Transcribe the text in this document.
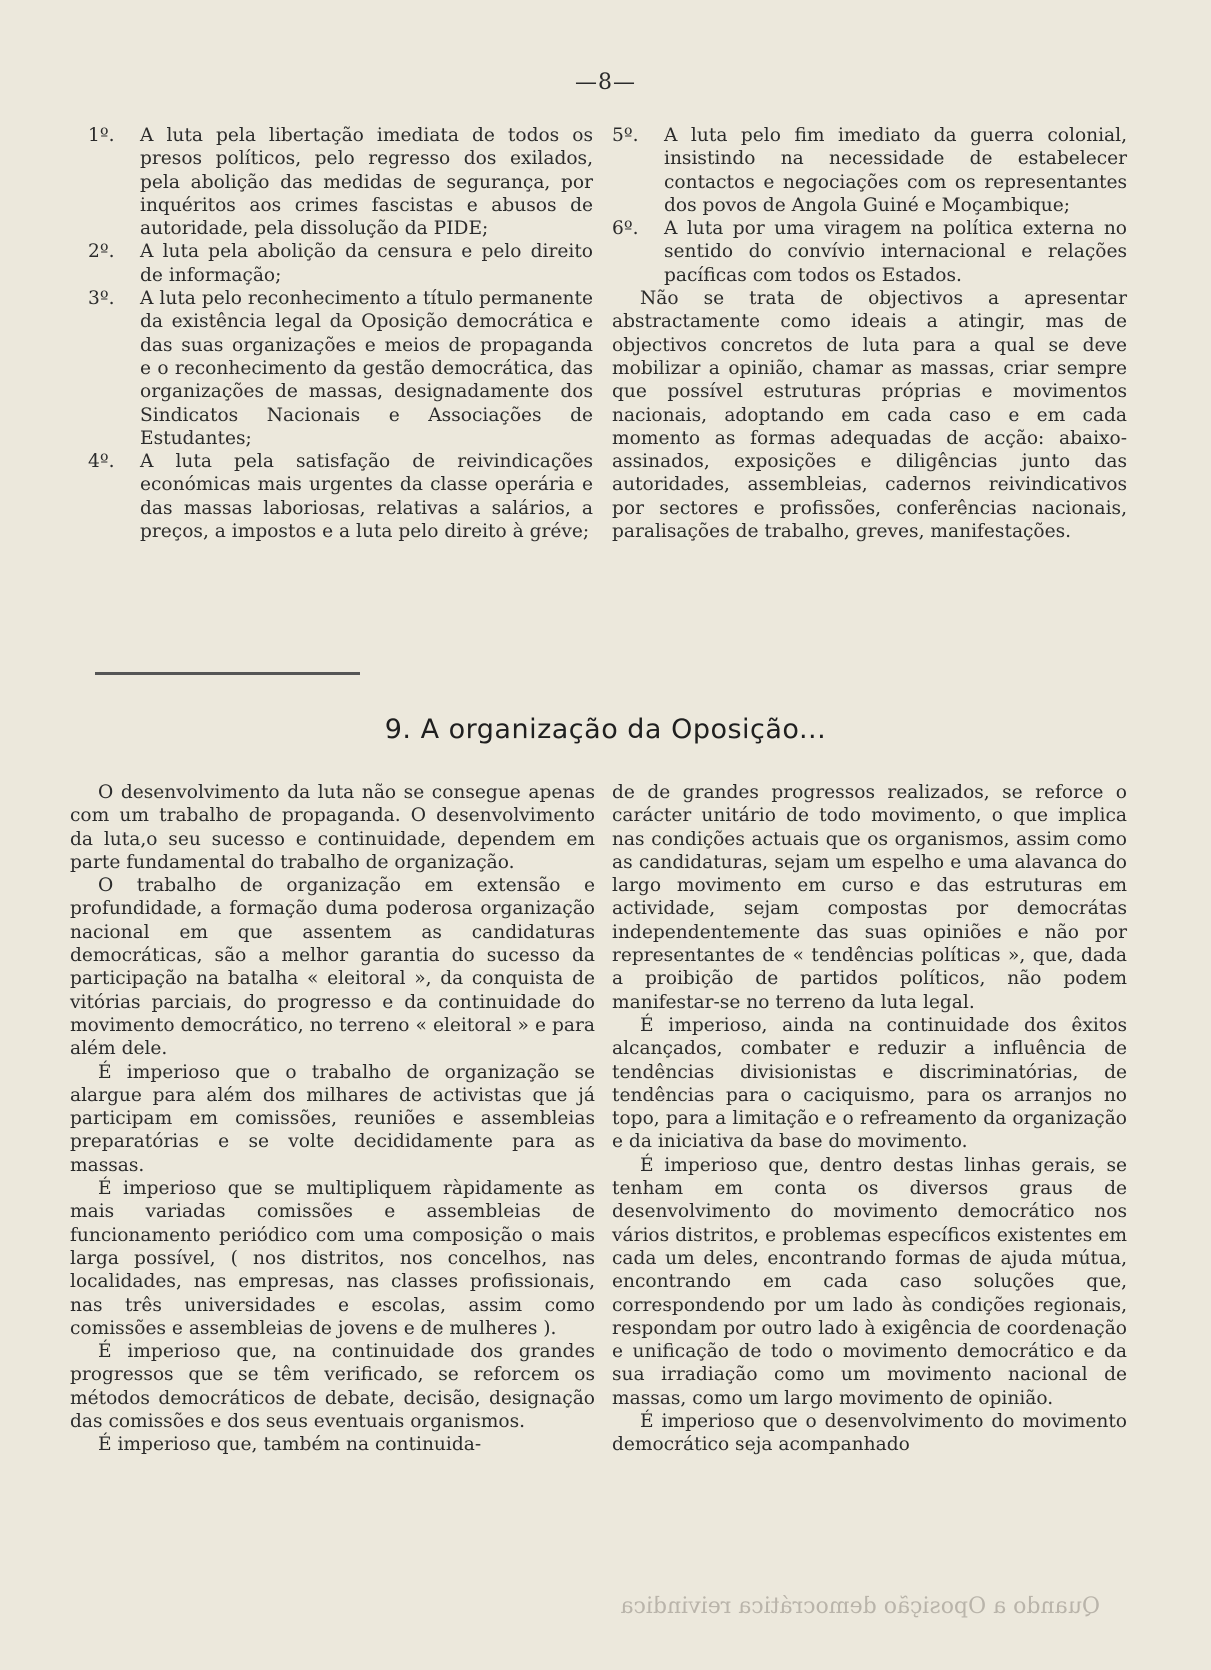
—8—

1º. A luta pela libertação imediata de todos os presos políticos, pelo regresso dos exilados, pela abolição das medidas de segurança, por inquéritos aos crimes fascistas e abusos de autoridade, pela dissolução da PIDE;

2º. A luta pela abolição da censura e pelo direito de informação;

3º. A luta pelo reconhecimento a título permanente da existência legal da Oposição democrática e das suas organizações e meios de propaganda e o reconhecimento da gestão democrática, das organizações de massas, designadamente dos Sindicatos Nacionais e Associações de Estudantes;

4º. A luta pela satisfação de reivindicações económicas mais urgentes da classe operária e das massas laboriosas, relativas a salários, a preços, a impostos e a luta pelo direito à gréve;

5º. A luta pelo fim imediato da guerra colonial, insistindo na necessidade de estabelecer contactos e negociações com os representantes dos povos de Angola Guiné e Moçambique;

6º. A luta por uma viragem na política externa no sentido do convívio internacional e relações pacíficas com todos os Estados.

Não se trata de objectivos a apresentar abstractamente como ideais a atingir, mas de objectivos concretos de luta para a qual se deve mobilizar a opinião, chamar as massas, criar sempre que possível estruturas próprias e movimentos nacionais, adoptando em cada caso e em cada momento as formas adequadas de acção: abaixo-assinados, exposições e diligências junto das autoridades, assembleias, cadernos reivindicativos por sectores e profissões, conferências nacionais, paralisações de trabalho, greves, manifestações.

9. A organização da Oposição...

O desenvolvimento da luta não se consegue apenas com um trabalho de propaganda. O desenvolvimento da luta,o seu sucesso e continuidade, dependem em parte fundamental do trabalho de organização.

O trabalho de organização em extensão e profundidade, a formação duma poderosa organização nacional em que assentem as candidaturas democráticas, são a melhor garantia do sucesso da participação na batalha « eleitoral », da conquista de vitórias parciais, do progresso e da continuidade do movimento democrático, no terreno « eleitoral » e para além dele.

É imperioso que o trabalho de organização se alargue para além dos milhares de activistas que já participam em comissões, reuniões e assembleias preparatórias e se volte decididamente para as massas.

É imperioso que se multipliquem ràpidamente as mais variadas comissões e assembleias de funcionamento periódico com uma composição o mais larga possível, ( nos distritos, nos concelhos, nas localidades, nas empresas, nas classes profissionais, nas três universidades e escolas, assim como comissões e assembleias de jovens e de mulheres ).

É imperioso que, na continuidade dos grandes progressos que se têm verificado, se reforcem os métodos democráticos de debate, decisão, designação das comissões e dos seus eventuais organismos.

É imperioso que, também na continuida-

de de grandes progressos realizados, se reforce o carácter unitário de todo movimento, o que implica nas condições actuais que os organismos, assim como as candidaturas, sejam um espelho e uma alavanca do largo movimento em curso e das estruturas em actividade, sejam compostas por democrátas independentemente das suas opiniões e não por representantes de « tendências políticas », que, dada a proibição de partidos políticos, não podem manifestar-se no terreno da luta legal.

É imperioso, ainda na continuidade dos êxitos alcançados, combater e reduzir a influência de tendências divisionistas e discriminatórias, de tendências para o caciquismo, para os arranjos no topo, para a limitação e o refreamento da organização e da iniciativa da base do movimento.

É imperioso que, dentro destas linhas gerais, se tenham em conta os diversos graus de desenvolvimento do movimento democrático nos vários distritos, e problemas específicos existentes em cada um deles, encontrando formas de ajuda mútua, encontrando em cada caso soluções que, correspondendo por um lado às condições regionais, respondam por outro lado à exigência de coordenação e unificação de todo o movimento democrático e da sua irradiação como um movimento nacional de massas, como um largo movimento de opinião.

É imperioso que o desenvolvimento do movimento democrático seja acompanhado

Quando a Oposição democrática reivindica
